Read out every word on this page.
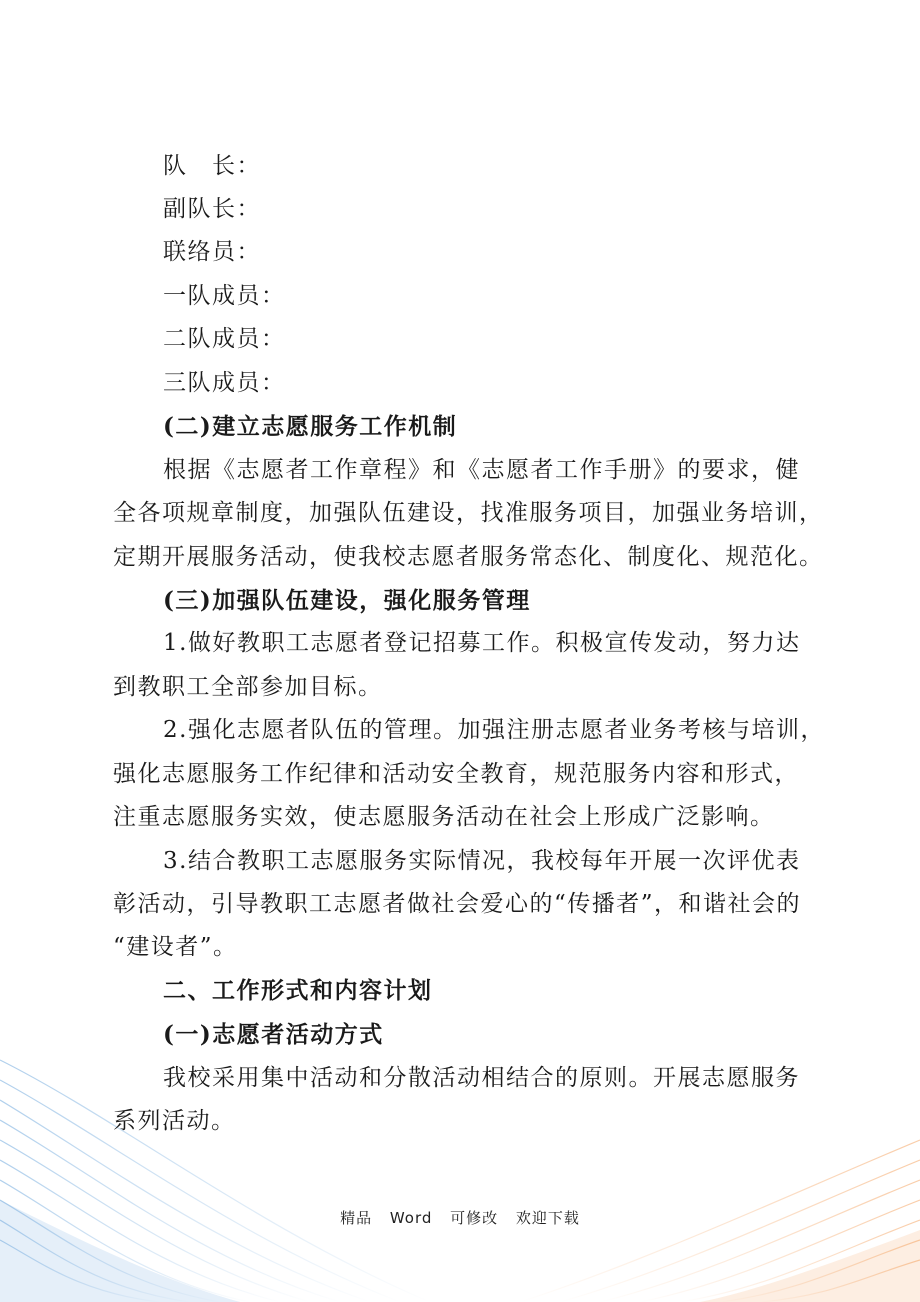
队　长：
副队长：
联络员：
一队成员：
二队成员：
三队成员：
(二)建立志愿服务工作机制
根据《志愿者工作章程》和《志愿者工作手册》的要求，健
全各项规章制度，加强队伍建设，找准服务项目，加强业务培训，
定期开展服务活动，使我校志愿者服务常态化、制度化、规范化。
(三)加强队伍建设，强化服务管理
1.做好教职工志愿者登记招募工作。积极宣传发动，努力达
到教职工全部参加目标。
2.强化志愿者队伍的管理。加强注册志愿者业务考核与培训，
强化志愿服务工作纪律和活动安全教育，规范服务内容和形式，
注重志愿服务实效，使志愿服务活动在社会上形成广泛影响。
3.结合教职工志愿服务实际情况，我校每年开展一次评优表
彰活动，引导教职工志愿者做社会爱心的“传播者”，和谐社会的
“建设者”。
二、工作形式和内容计划
(一)志愿者活动方式
我校采用集中活动和分散活动相结合的原则。开展志愿服务
系列活动。
精品 Word 可修改 欢迎下载
